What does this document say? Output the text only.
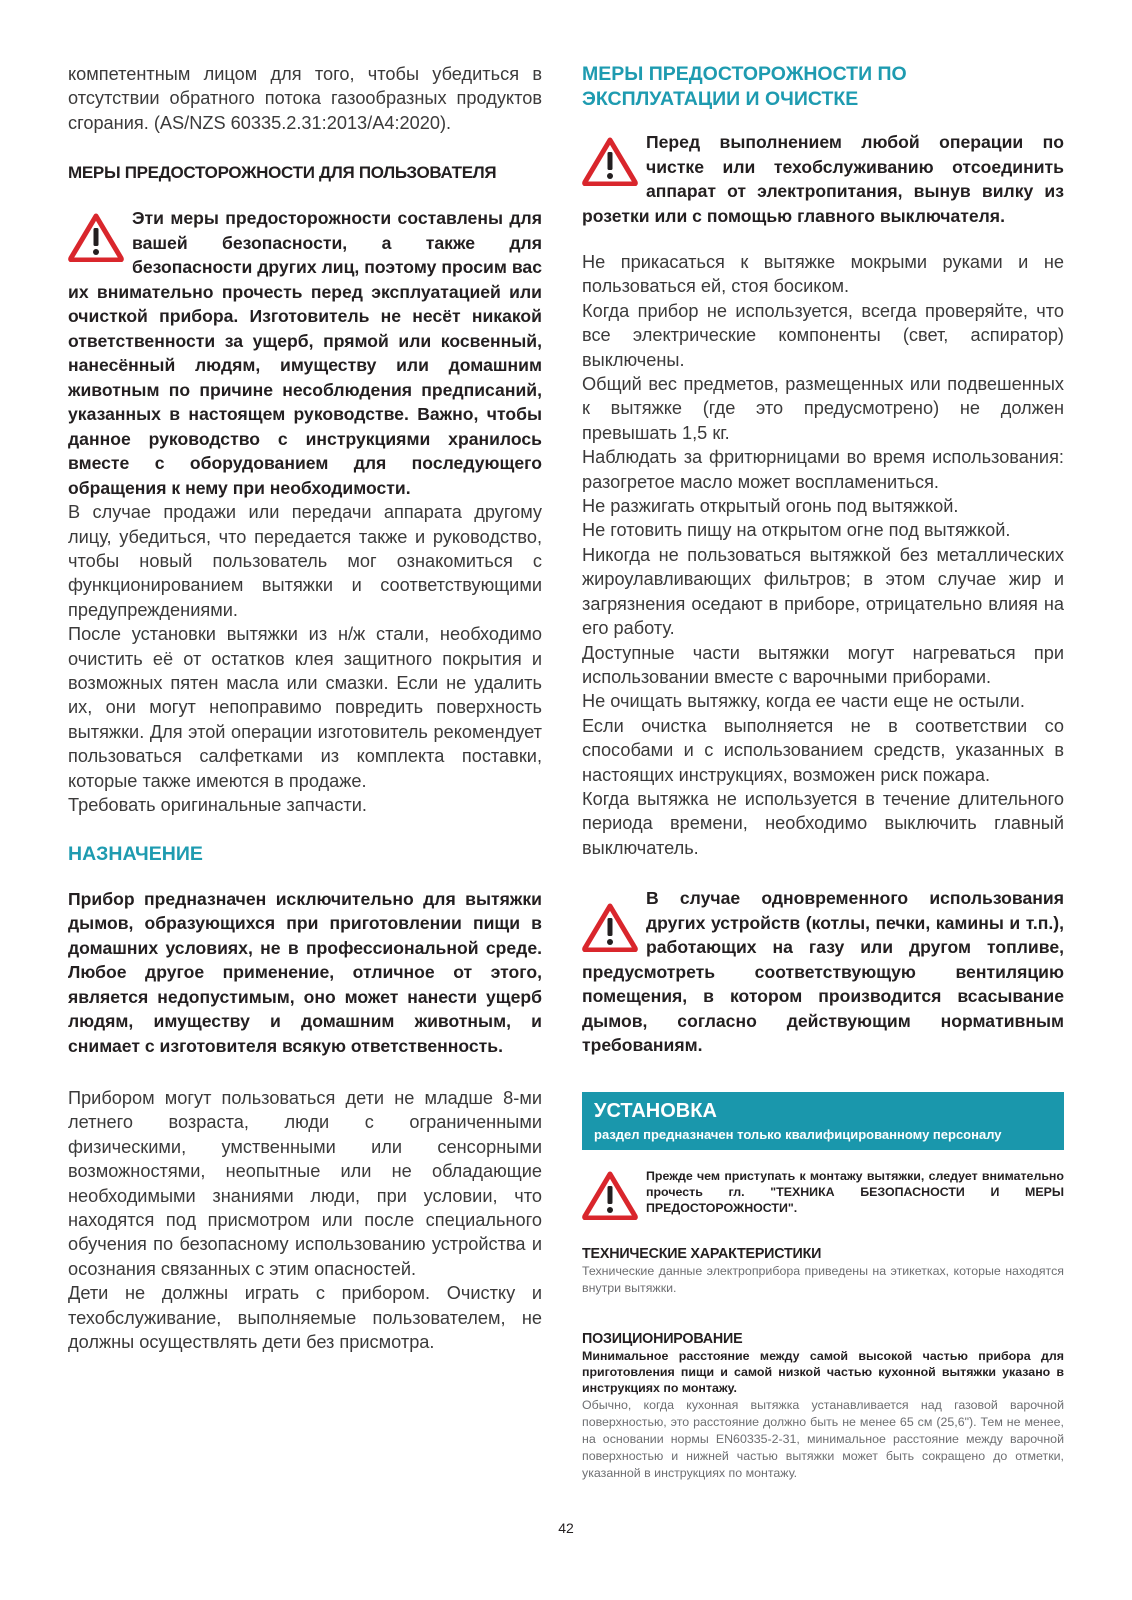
компетентным лицом для того, чтобы убедиться в отсутствии обратного потока газообразных продуктов сгорания. (AS/NZS 60335.2.31:2013/A4:2020).

МЕРЫ ПРЕДОСТОРОЖНОСТИ ДЛЯ ПОЛЬЗОВАТЕЛЯ

Эти меры предосторожности составлены для вашей безопасности, а также для безопасности других лиц, поэтому просим вас их внимательно прочесть перед эксплуатацией или очисткой прибора. Изготовитель не несёт никакой ответственности за ущерб, прямой или косвенный, нанесённый людям, имуществу или домашним животным по причине несоблюдения предписаний, указанных в настоящем руководстве. Важно, чтобы данное руководство с инструкциями хранилось вместе с оборудованием для последующего обращения к нему при необходимости.

В случае продажи или передачи аппарата другому лицу, убедиться, что передается также и руководство, чтобы новый пользователь мог ознакомиться с функционированием вытяжки и соответствующими предупреждениями.

После установки вытяжки из н/ж стали, необходимо очистить её от остатков клея защитного покрытия и возможных пятен масла или смазки. Если не удалить их, они могут непоправимо повредить поверхность вытяжки. Для этой операции изготовитель рекомендует пользоваться салфетками из комплекта поставки, которые также имеются в продаже.

Требовать оригинальные запчасти.

НАЗНАЧЕНИЕ

Прибор предназначен исключительно для вытяжки дымов, образующихся при приготовлении пищи в домашних условиях, не в профессиональной среде. Любое другое применение, отличное от этого, является недопустимым, оно может нанести ущерб людям, имуществу и домашним животным, и снимает с изготовителя всякую ответственность.

Прибором могут пользоваться дети не младше 8-ми летнего возраста, люди с ограниченными физическими, умственными или сенсорными возможностями, неопытные или не обладающие необходимыми знаниями люди, при условии, что находятся под присмотром или после специального обучения по безопасному использованию устройства и осознания связанных с этим опасностей.

Дети не должны играть с прибором. Очистку и техобслуживание, выполняемые пользователем, не должны осуществлять дети без присмотра.

МЕРЫ ПРЕДОСТОРОЖНОСТИ ПО

ЭКСПЛУАТАЦИИ И ОЧИСТКЕ

Перед выполнением любой операции по чистке или техобслуживанию отсоединить аппарат от электропитания, вынув вилку из розетки или с помощью главного выключателя.

Не прикасаться к вытяжке мокрыми руками и не пользоваться ей, стоя босиком.

Когда прибор не используется, всегда проверяйте, что все электрические компоненты (свет, аспиратор) выключены.

Общий вес предметов, размещенных или подвешенных к вытяжке (где это предусмотрено) не должен превышать 1,5 кг.

Наблюдать за фритюрницами во время использования: разогретое масло может воспламениться.

Не разжигать открытый огонь под вытяжкой.

Не готовить пищу на открытом огне под вытяжкой.

Никогда не пользоваться вытяжкой без металлических жироулавливающих фильтров; в этом случае жир и загрязнения оседают в приборе, отрицательно влияя на его работу.

Доступные части вытяжки могут нагреваться при использовании вместе с варочными приборами.

Не очищать вытяжку, когда ее части еще не остыли.

Если очистка выполняется не в соответствии со способами и с использованием средств, указанных в настоящих инструкциях, возможен риск пожара.

Когда вытяжка не используется в течение длительного периода времени, необходимо выключить главный выключатель.

В случае одновременного использования других устройств (котлы, печки, камины и т.п.), работающих на газу или другом топливе, предусмотреть соответствующую вентиляцию помещения, в котором производится всасывание дымов, согласно действующим нормативным требованиям.

УСТАНОВКА

раздел предназначен только квалифицированному персоналу

Прежде чем приступать к монтажу вытяжки, следует внимательно прочесть гл. "ТЕХНИКА БЕЗОПАСНОСТИ И МЕРЫ ПРЕДОСТОРОЖНОСТИ".

ТЕХНИЧЕСКИЕ ХАРАКТЕРИСТИКИ

Технические данные электроприбора приведены на этикетках, которые находятся внутри вытяжки.

ПОЗИЦИОНИРОВАНИЕ

Минимальное расстояние между самой высокой частью прибора для приготовления пищи и самой низкой частью кухонной вытяжки указано в инструкциях по монтажу.

Обычно, когда кухонная вытяжка устанавливается над газовой варочной поверхностью, это расстояние должно быть не менее 65 см (25,6"). Тем не менее, на основании нормы EN60335-2-31, минимальное расстояние между варочной поверхностью и нижней частью вытяжки может быть сокращено до отметки, указанной в инструкциях по монтажу.

42
